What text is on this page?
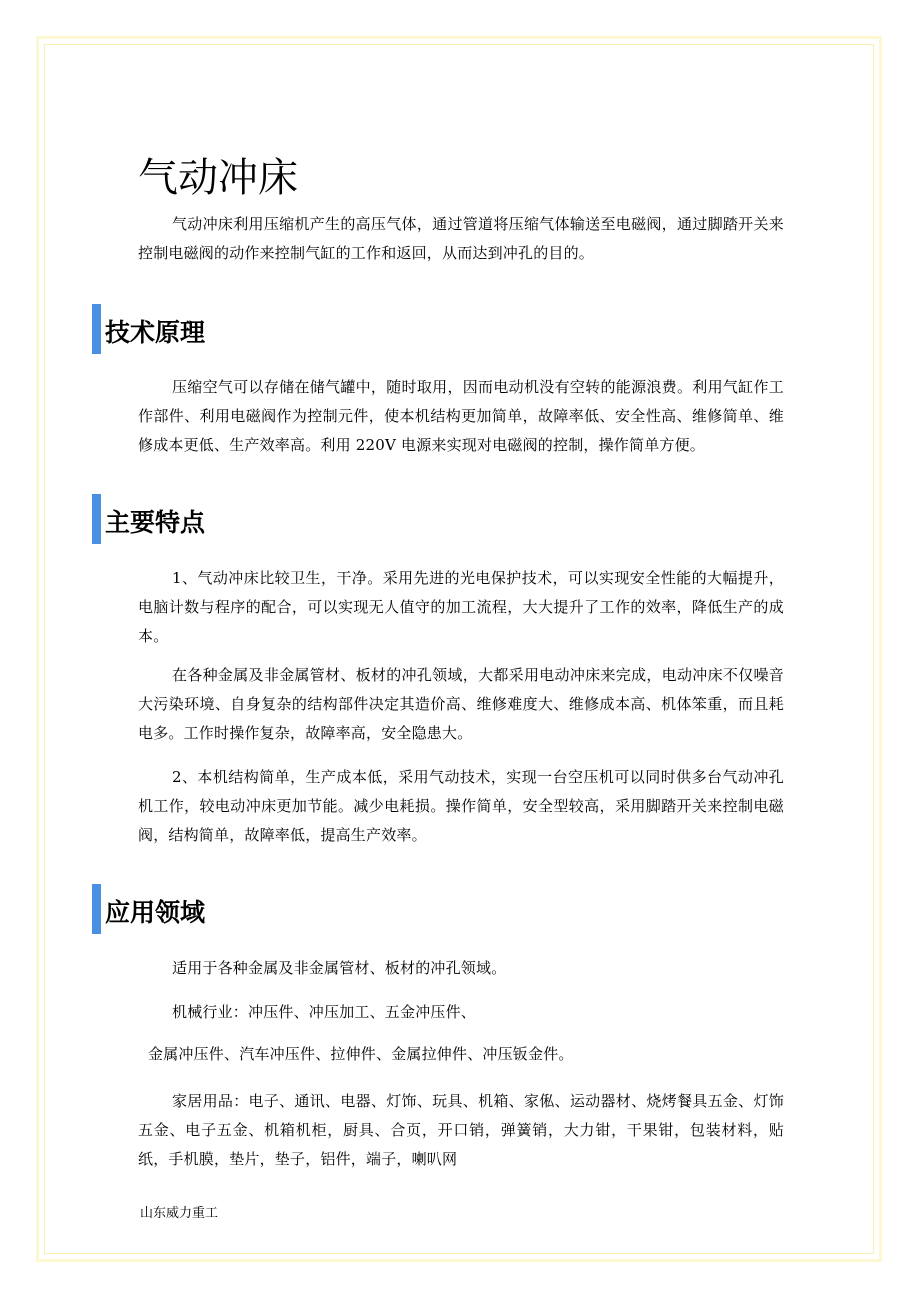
气动冲床

气动冲床利用压缩机产生的高压气体，通过管道将压缩气体输送至电磁阀，通过脚踏开关来控制电磁阀的动作来控制气缸的工作和返回，从而达到冲孔的目的。

技术原理

压缩空气可以存储在储气罐中，随时取用，因而电动机没有空转的能源浪费。利用气缸作工作部件、利用电磁阀作为控制元件，使本机结构更加简单，故障率低、安全性高、维修简单、维修成本更低、生产效率高。利用 220V 电源来实现对电磁阀的控制，操作简单方便。

主要特点

1、气动冲床比较卫生，干净。采用先进的光电保护技术，可以实现安全性能的大幅提升，电脑计数与程序的配合，可以实现无人值守的加工流程，大大提升了工作的效率，降低生产的成本。

在各种金属及非金属管材、板材的冲孔领域，大都采用电动冲床来完成，电动冲床不仅噪音大污染环境、自身复杂的结构部件决定其造价高、维修难度大、维修成本高、机体笨重，而且耗电多。工作时操作复杂，故障率高，安全隐患大。

2、本机结构简单，生产成本低，采用气动技术，实现一台空压机可以同时供多台气动冲孔机工作，较电动冲床更加节能。减少电耗损。操作简单，安全型较高，采用脚踏开关来控制电磁阀，结构简单，故障率低，提高生产效率。

应用领域

适用于各种金属及非金属管材、板材的冲孔领域。

机械行业：冲压件、冲压加工、五金冲压件、

金属冲压件、汽车冲压件、拉伸件、金属拉伸件、冲压钣金件。

家居用品：电子、通讯、电器、灯饰、玩具、机箱、家俬、运动器材、烧烤餐具五金、灯饰五金、电子五金、机箱机柜，厨具、合页，开口销，弹簧销，大力钳，干果钳，包装材料，贴纸，手机膜，垫片，垫子，铝件，端子，喇叭网

山东威力重工
